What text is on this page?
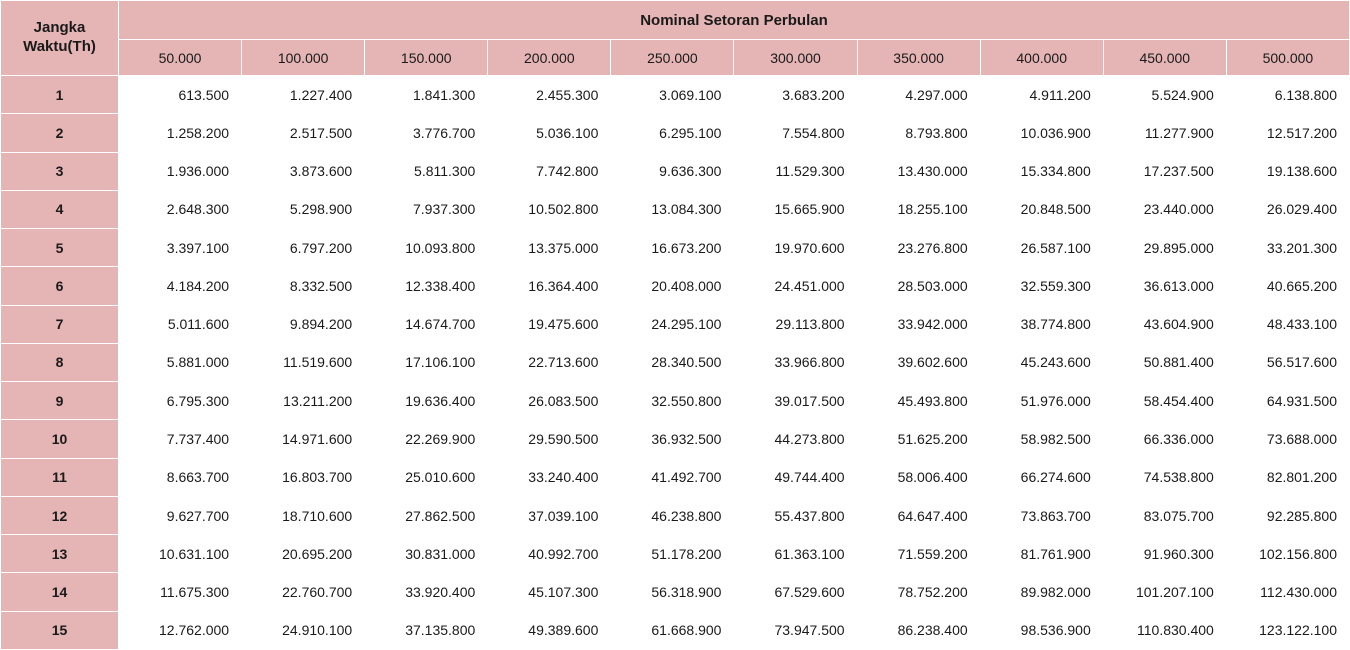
Jangka Waktu(Th)	Nominal Setoran Perbulan									
	50.000	100.000	150.000	200.000	250.000	300.000	350.000	400.000	450.000	500.000
1	613.500	1.227.400	1.841.300	2.455.300	3.069.100	3.683.200	4.297.000	4.911.200	5.524.900	6.138.800
2	1.258.200	2.517.500	3.776.700	5.036.100	6.295.100	7.554.800	8.793.800	10.036.900	11.277.900	12.517.200
3	1.936.000	3.873.600	5.811.300	7.742.800	9.636.300	11.529.300	13.430.000	15.334.800	17.237.500	19.138.600
4	2.648.300	5.298.900	7.937.300	10.502.800	13.084.300	15.665.900	18.255.100	20.848.500	23.440.000	26.029.400
5	3.397.100	6.797.200	10.093.800	13.375.000	16.673.200	19.970.600	23.276.800	26.587.100	29.895.000	33.201.300
6	4.184.200	8.332.500	12.338.400	16.364.400	20.408.000	24.451.000	28.503.000	32.559.300	36.613.000	40.665.200
7	5.011.600	9.894.200	14.674.700	19.475.600	24.295.100	29.113.800	33.942.000	38.774.800	43.604.900	48.433.100
8	5.881.000	11.519.600	17.106.100	22.713.600	28.340.500	33.966.800	39.602.600	45.243.600	50.881.400	56.517.600
9	6.795.300	13.211.200	19.636.400	26.083.500	32.550.800	39.017.500	45.493.800	51.976.000	58.454.400	64.931.500
10	7.737.400	14.971.600	22.269.900	29.590.500	36.932.500	44.273.800	51.625.200	58.982.500	66.336.000	73.688.000
11	8.663.700	16.803.700	25.010.600	33.240.400	41.492.700	49.744.400	58.006.400	66.274.600	74.538.800	82.801.200
12	9.627.700	18.710.600	27.862.500	37.039.100	46.238.800	55.437.800	64.647.400	73.863.700	83.075.700	92.285.800
13	10.631.100	20.695.200	30.831.000	40.992.700	51.178.200	61.363.100	71.559.200	81.761.900	91.960.300	102.156.800
14	11.675.300	22.760.700	33.920.400	45.107.300	56.318.900	67.529.600	78.752.200	89.982.000	101.207.100	112.430.000
15	12.762.000	24.910.100	37.135.800	49.389.600	61.668.900	73.947.500	86.238.400	98.536.900	110.830.400	123.122.100
